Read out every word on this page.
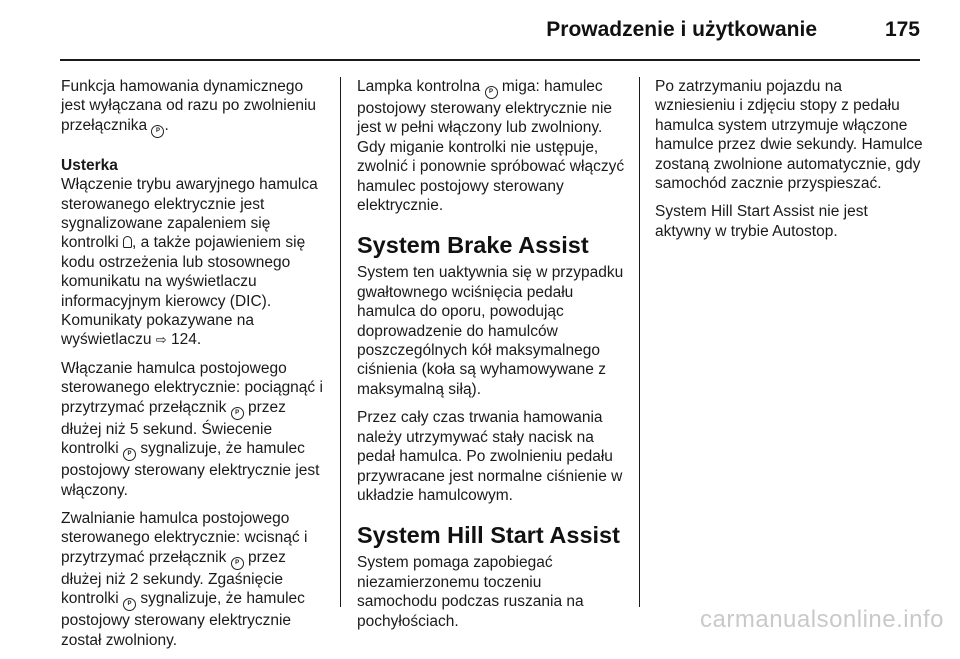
Prowadzenie i użytkowanie	175

Funkcja hamowania dynamicznego jest wyłączana od razu po zwolnieniu przełącznika P .

Usterka

Włączenie trybu awaryjnego hamulca sterowanego elektrycznie jest sygnalizowane zapaleniem się kontrolki , a także pojawieniem się kodu ostrzeżenia lub stosownego komunikatu na wyświetlaczu informacyjnym kierowcy (DIC). Komunikaty pokazywane na wyświetlaczu ⇨ 124.

Włączanie hamulca postojowego sterowanego elektrycznie: pociągnąć i przytrzymać przełącznik P przez dłużej niż 5 sekund. Świecenie kontrolki P sygnalizuje, że hamulec postojowy sterowany elektrycznie jest włączony.

Zwalnianie hamulca postojowego sterowanego elektrycznie: wcisnąć i przytrzymać przełącznik P przez dłużej niż 2 sekundy. Zgaśnięcie kontrolki P sygnalizuje, że hamulec postojowy sterowany elektrycznie został zwolniony.

Lampka kontrolna P miga: hamulec postojowy sterowany elektrycznie nie jest w pełni włączony lub zwolniony. Gdy miganie kontrolki nie ustępuje, zwolnić i ponownie spróbować włączyć hamulec postojowy sterowany elektrycznie.

System Brake Assist

System ten uaktywnia się w przypadku gwałtownego wciśnięcia pedału hamulca do oporu, powodując doprowadzenie do hamulców poszczególnych kół maksymalnego ciśnienia (koła są wyhamowywane z maksymalną siłą).

Przez cały czas trwania hamowania należy utrzymywać stały nacisk na pedał hamulca. Po zwolnieniu pedału przywracane jest normalne ciśnienie w układzie hamulcowym.

System Hill Start Assist

System pomaga zapobiegać niezamierzonemu toczeniu samochodu podczas ruszania na pochyłościach.

Po zatrzymaniu pojazdu na wzniesieniu i zdjęciu stopy z pedału hamulca system utrzymuje włączone hamulce przez dwie sekundy. Hamulce zostaną zwolnione automatycznie, gdy samochód zacznie przyspieszać.

System Hill Start Assist nie jest aktywny w trybie Autostop.

carmanualsonline.info
